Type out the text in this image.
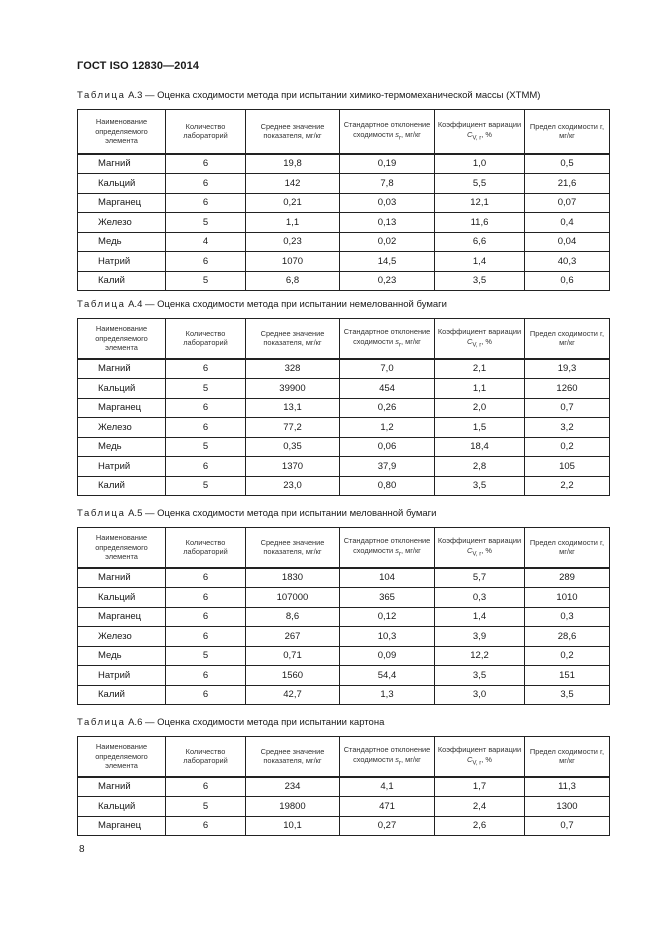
ГОСТ ISO 12830—2014
Таблица А.3 — Оценка сходимости метода при испытании химико-термомеханической массы (ХТММ)
Наименование определяемого элемента	Количество лабораторий	Среднее значение показателя, мг/кг	Стандартное отклонение сходимости $s_r$, мг/кг	Коэффициент вариации $C_{V, r}$, %	Предел сходимости r, мг/кг
Магний	6	19,8	0,19	1,0	0,5
Кальций	6	142	7,8	5,5	21,6
Марганец	6	0,21	0,03	12,1	0,07
Железо	5	1,1	0,13	11,6	0,4
Медь	4	0,23	0,02	6,6	0,04
Натрий	6	1070	14,5	1,4	40,3
Калий	5	6,8	0,23	3,5	0,6
Таблица А.4 — Оценка сходимости метода при испытании немелованной бумаги
Наименование определяемого элемента	Количество лабораторий	Среднее значение показателя, мг/кг	Стандартное отклонение сходимости $s_r$, мг/кг	Коэффициент вариации $C_{V, r}$, %	Предел сходимости r, мг/кг
Магний	6	328	7,0	2,1	19,3
Кальций	5	39900	454	1,1	1260
Марганец	6	13,1	0,26	2,0	0,7
Железо	6	77,2	1,2	1,5	3,2
Медь	5	0,35	0,06	18,4	0,2
Натрий	6	1370	37,9	2,8	105
Калий	5	23,0	0,80	3,5	2,2
Таблица А.5 — Оценка сходимости метода при испытании мелованной бумаги
Наименование определяемого элемента	Количество лабораторий	Среднее значение показателя, мг/кг	Стандартное отклонение сходимости $s_r$, мг/кг	Коэффициент вариации $C_{V, r}$, %	Предел сходимости r, мг/кг
Магний	6	1830	104	5,7	289
Кальций	6	107000	365	0,3	1010
Марганец	6	8,6	0,12	1,4	0,3
Железо	6	267	10,3	3,9	28,6
Медь	5	0,71	0,09	12,2	0,2
Натрий	6	1560	54,4	3,5	151
Калий	6	42,7	1,3	3,0	3,5
Таблица А.6 — Оценка сходимости метода при испытании картона
Наименование определяемого элемента	Количество лабораторий	Среднее значение показателя, мг/кг	Стандартное отклонение сходимости $s_r$, мг/кг	Коэффициент вариации $C_{V, r}$, %	Предел сходимости r, мг/кг
Магний	6	234	4,1	1,7	11,3
Кальций	5	19800	471	2,4	1300
Марганец	6	10,1	0,27	2,6	0,7
8
